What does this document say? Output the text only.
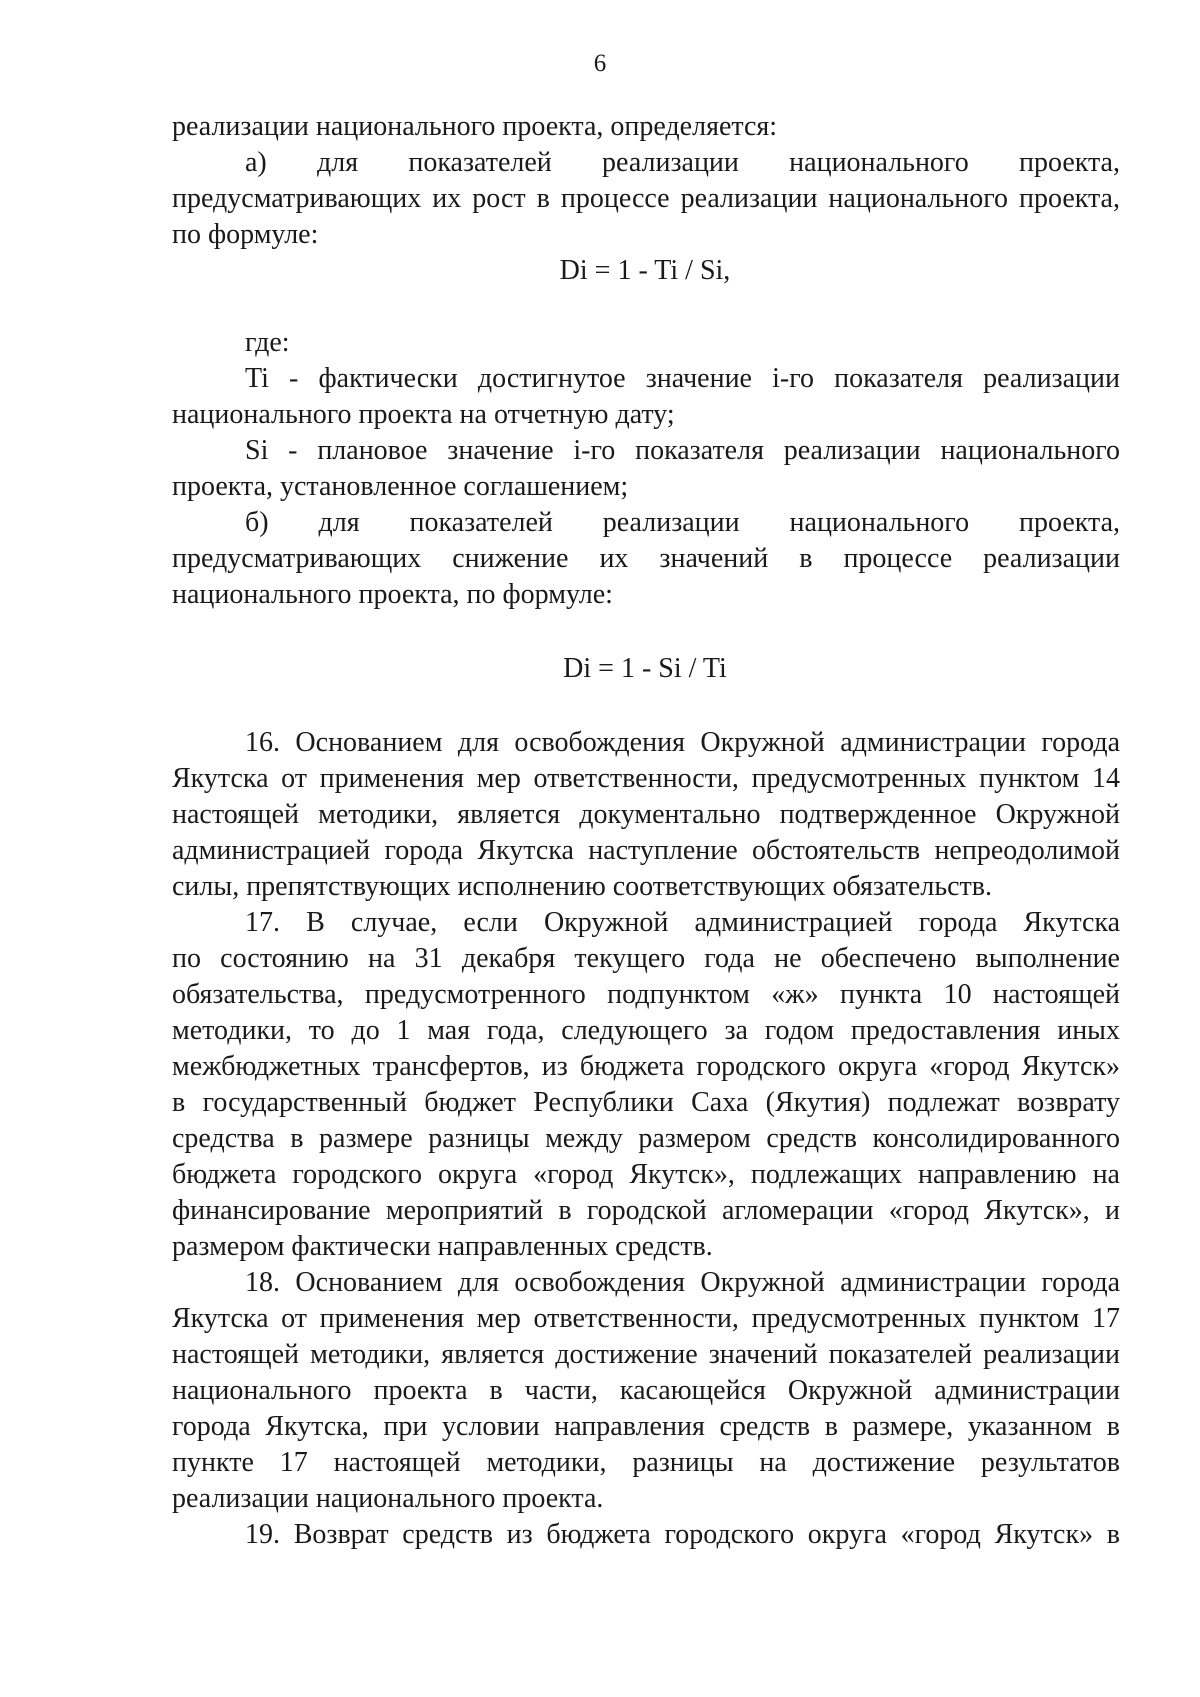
6
реализации национального проекта, определяется:
а) для показателей реализации национального проекта,
предусматривающих их рост в процессе реализации национального проекта,
по формуле:
Di = 1 - Ti / Si,
где:
Ti - фактически достигнутое значение i-го показателя реализации
национального проекта на отчетную дату;
Si - плановое значение i-го показателя реализации национального
проекта, установленное соглашением;
б) для показателей реализации национального проекта,
предусматривающих снижение их значений в процессе реализации
национального проекта, по формуле:
Di = 1 - Si / Ti
16. Основанием для освобождения Окружной администрации города
Якутска от применения мер ответственности, предусмотренных пунктом 14
настоящей методики, является документально подтвержденное Окружной
администрацией города Якутска наступление обстоятельств непреодолимой
силы, препятствующих исполнению соответствующих обязательств.
17. В случае, если Окружной администрацией города Якутска
по состоянию на 31 декабря текущего года не обеспечено выполнение
обязательства, предусмотренного подпунктом «ж» пункта 10 настоящей
методики, то до 1 мая года, следующего за годом предоставления иных
межбюджетных трансфертов, из бюджета городского округа «город Якутск»
в государственный бюджет Республики Саха (Якутия) подлежат возврату
средства в размере разницы между размером средств консолидированного
бюджета городского округа «город Якутск», подлежащих направлению на
финансирование мероприятий в городской агломерации «город Якутск», и
размером фактически направленных средств.
18. Основанием для освобождения Окружной администрации города
Якутска от применения мер ответственности, предусмотренных пунктом 17
настоящей методики, является достижение значений показателей реализации
национального проекта в части, касающейся Окружной администрации
города Якутска, при условии направления средств в размере, указанном в
пункте 17 настоящей методики, разницы на достижение результатов
реализации национального проекта.
19. Возврат средств из бюджета городского округа «город Якутск» в
